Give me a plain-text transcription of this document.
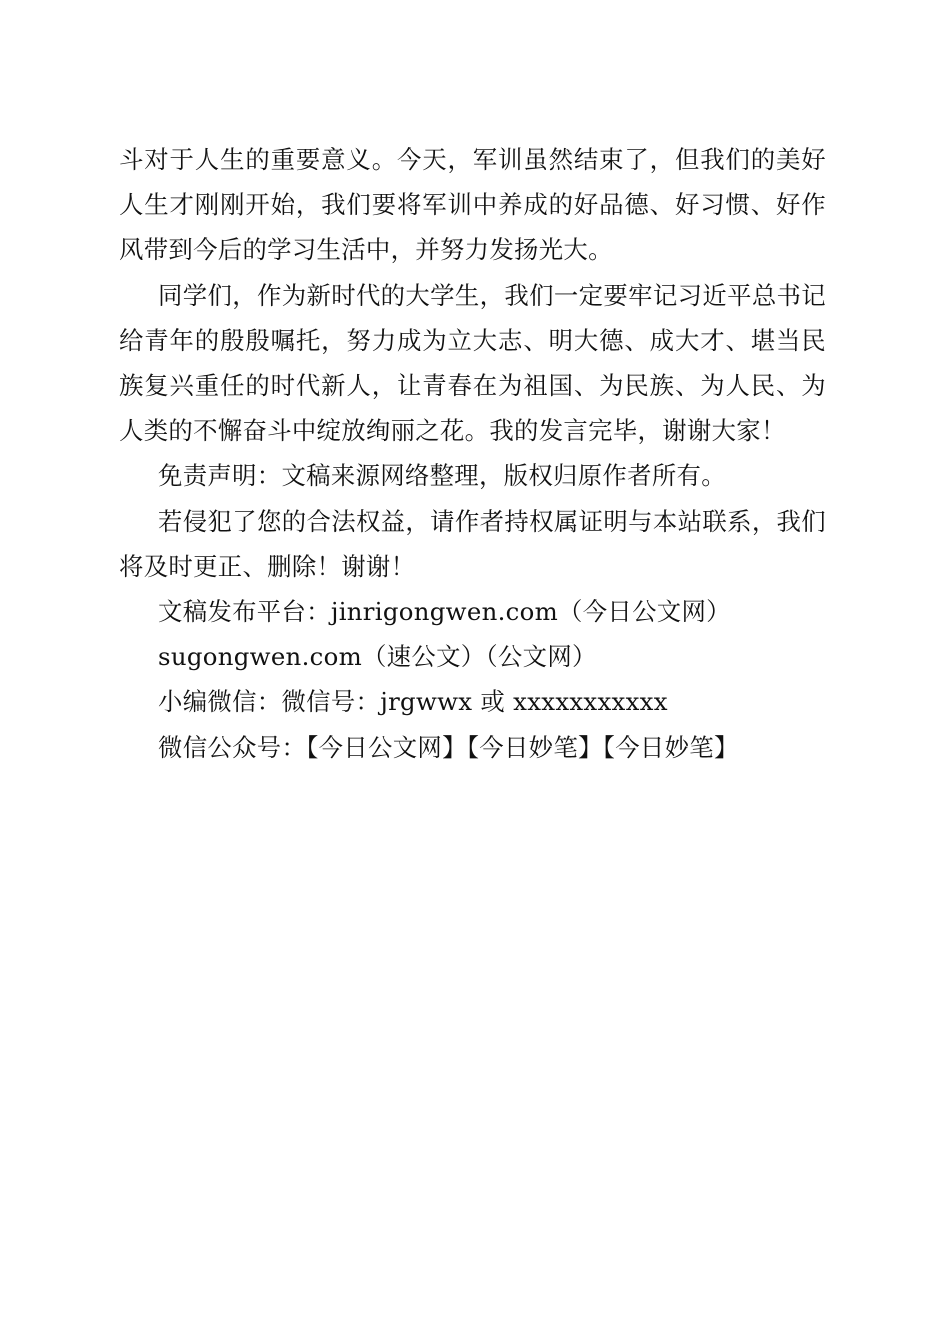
斗对于人生的重要意义。今天，军训虽然结束了，但我们的美好人生才刚刚开始，我们要将军训中养成的好品德、好习惯、好作风带到今后的学习生活中，并努力发扬光大。

同学们，作为新时代的大学生，我们一定要牢记习近平总书记给青年的殷殷嘱托，努力成为立大志、明大德、成大才、堪当民族复兴重任的时代新人，让青春在为祖国、为民族、为人民、为人类的不懈奋斗中绽放绚丽之花。我的发言完毕，谢谢大家！

免责声明：文稿来源网络整理，版权归原作者所有。

若侵犯了您的合法权益，请作者持权属证明与本站联系，我们将及时更正、删除！谢谢！

文稿发布平台：jinrigongwen.com（今日公文网）

sugongwen.com（速公文）（公文网）

小编微信：微信号：jrgwwx 或 xxxxxxxxxxx

微信公众号：【今日公文网】【今日妙笔】【今日妙笔】
